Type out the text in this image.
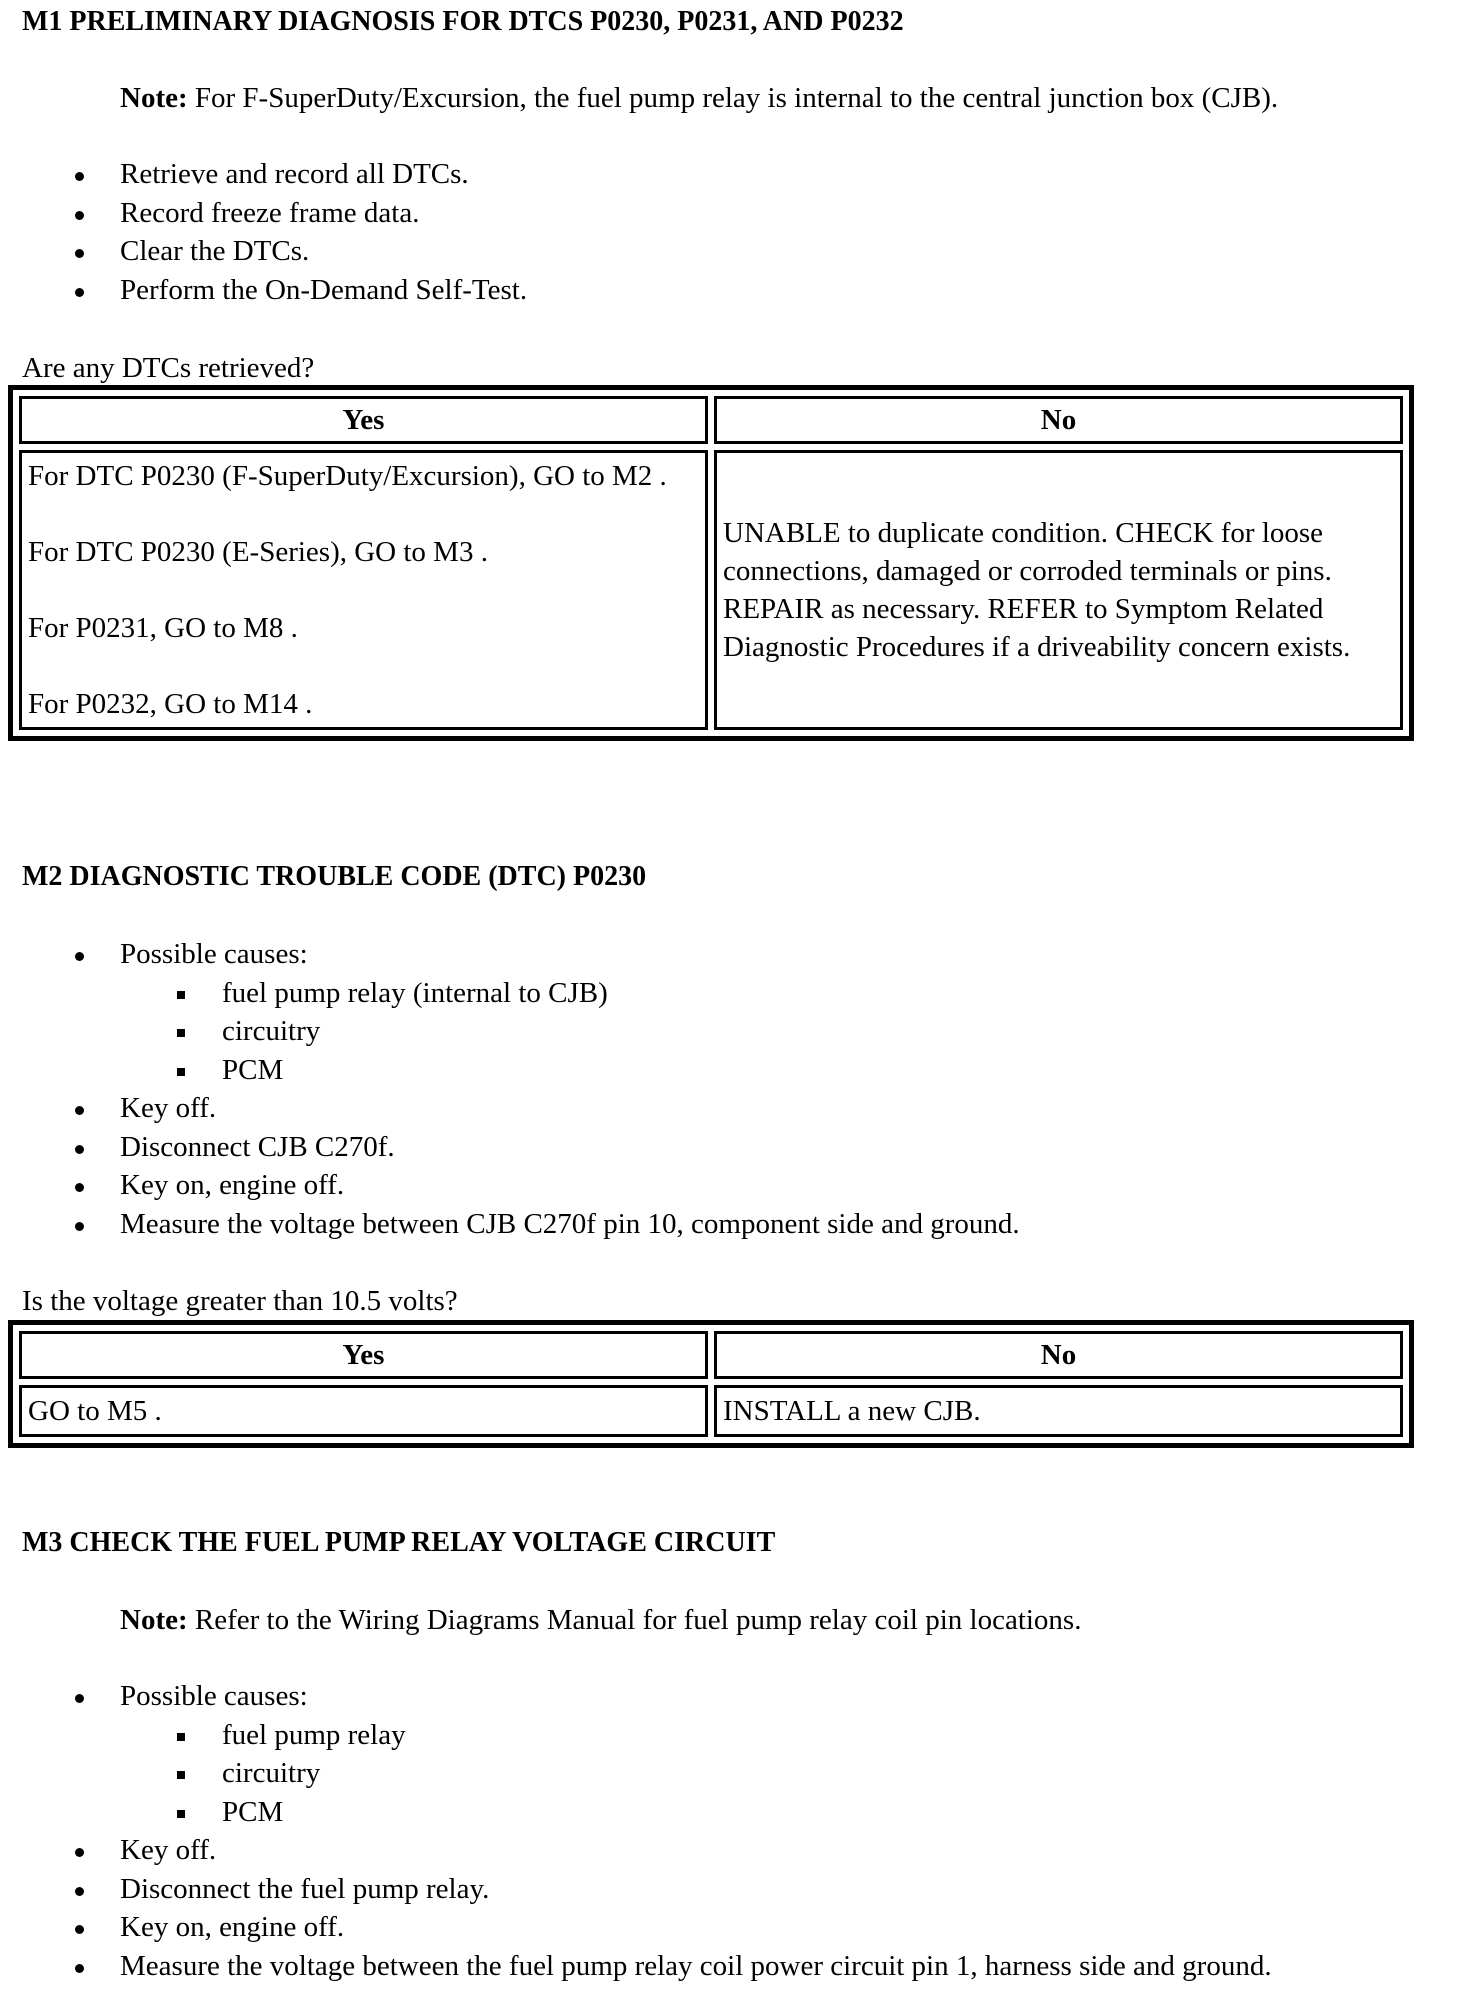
M1 PRELIMINARY DIAGNOSIS FOR DTCS P0230, P0231, AND P0232
Note: For F-SuperDuty/Excursion, the fuel pump relay is internal to the central junction box (CJB).
Retrieve and record all DTCs.
Record freeze frame data.
Clear the DTCs.
Perform the On-Demand Self-Test.
Are any DTCs retrieved?
Yes	No

For DTC P0230 (F-SuperDuty/Excursion), GO to M2 .

For DTC P0230 (E-Series), GO to M3 .

For P0231, GO to M8 .

For P0232, GO to M14 .	UNABLE to duplicate condition. CHECK for loose connections, damaged or corroded terminals or pins. REPAIR as necessary. REFER to Symptom Related Diagnostic Procedures if a driveability concern exists.

M2 DIAGNOSTIC TROUBLE CODE (DTC) P0230
Possible causes:
fuel pump relay (internal to CJB)
circuitry
PCM
Key off.
Disconnect CJB C270f.
Key on, engine off.
Measure the voltage between CJB C270f pin 10, component side and ground.
Is the voltage greater than 10.5 volts?
Yes	No
GO to M5 .	INSTALL a new CJB.
M3 CHECK THE FUEL PUMP RELAY VOLTAGE CIRCUIT
Note: Refer to the Wiring Diagrams Manual for fuel pump relay coil pin locations.
Possible causes:
fuel pump relay
circuitry
PCM
Key off.
Disconnect the fuel pump relay.
Key on, engine off.
Measure the voltage between the fuel pump relay coil power circuit pin 1, harness side and ground.
